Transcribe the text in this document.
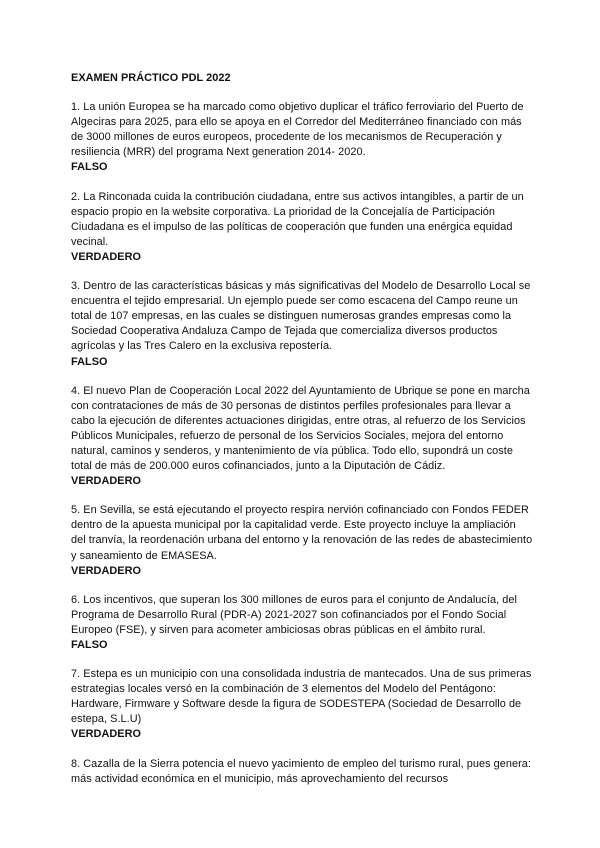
EXAMEN PRÁCTICO PDL 2022

1. La unión Europea se ha marcado como objetivo duplicar el tráfico ferroviario del Puerto de Algeciras para 2025, para ello se apoya en el Corredor del Mediterráneo financiado con más de 3000 millones de euros europeos, procedente de los mecanismos de Recuperación y resiliencia (MRR) del programa Next generation 2014- 2020.

FALSO

2. La Rinconada cuida la contribución ciudadana, entre sus activos intangibles, a partir de un espacio propio en la website corporativa. La prioridad de la Concejalía de Participación Ciudadana es el impulso de las políticas de cooperación que funden una enérgica equidad vecinal.

VERDADERO

3. Dentro de las características básicas y más significativas del Modelo de Desarrollo Local se encuentra el tejido empresarial. Un ejemplo puede ser como escacena del Campo reune un total de 107 empresas, en las cuales se distinguen numerosas grandes empresas como la Sociedad Cooperativa Andaluza Campo de Tejada que comercializa diversos productos agrícolas y las Tres Calero en la exclusiva repostería.

FALSO

4. El nuevo Plan de Cooperación Local 2022 del Ayuntamiento de Ubrique se pone en marcha con contrataciones de más de 30 personas de distintos perfiles profesionales para llevar a cabo la ejecución de diferentes actuaciones dirigidas, entre otras, al refuerzo de los Servicios Públicos Municipales, refuerzo de personal de los Servicios Sociales, mejora del entorno natural, caminos y senderos, y mantenimiento de vía pública. Todo ello, supondrá un coste total de más de 200.000 euros cofinanciados, junto a la Diputación de Cádiz.

VERDADERO

5. En Sevilla, se está ejecutando el proyecto respira nervión cofinanciado con Fondos FEDER dentro de la apuesta municipal por la capitalidad verde. Este proyecto incluye la ampliación del tranvía, la reordenación urbana del entorno y la renovación de las redes de abastecimiento y saneamiento de EMASESA.

VERDADERO

6. Los incentivos, que superan los 300 millones de euros para el conjunto de Andalucía, del Programa de Desarrollo Rural (PDR-A) 2021-2027 son cofinanciados por el Fondo Social Europeo (FSE), y sirven para acometer ambiciosas obras públicas en el ámbito rural.

FALSO

7. Estepa es un municipio con una consolidada industria de mantecados. Una de sus primeras estrategias locales versó en la combinación de 3 elementos del Modelo del Pentágono: Hardware, Firmware y Software desde la figura de SODESTEPA (Sociedad de Desarrollo de estepa, S.L.U)

VERDADERO

8. Cazalla de la Sierra potencia el nuevo yacimiento de empleo del turismo rural, pues genera: más actividad económica en el municipio, más aprovechamiento del recursos
